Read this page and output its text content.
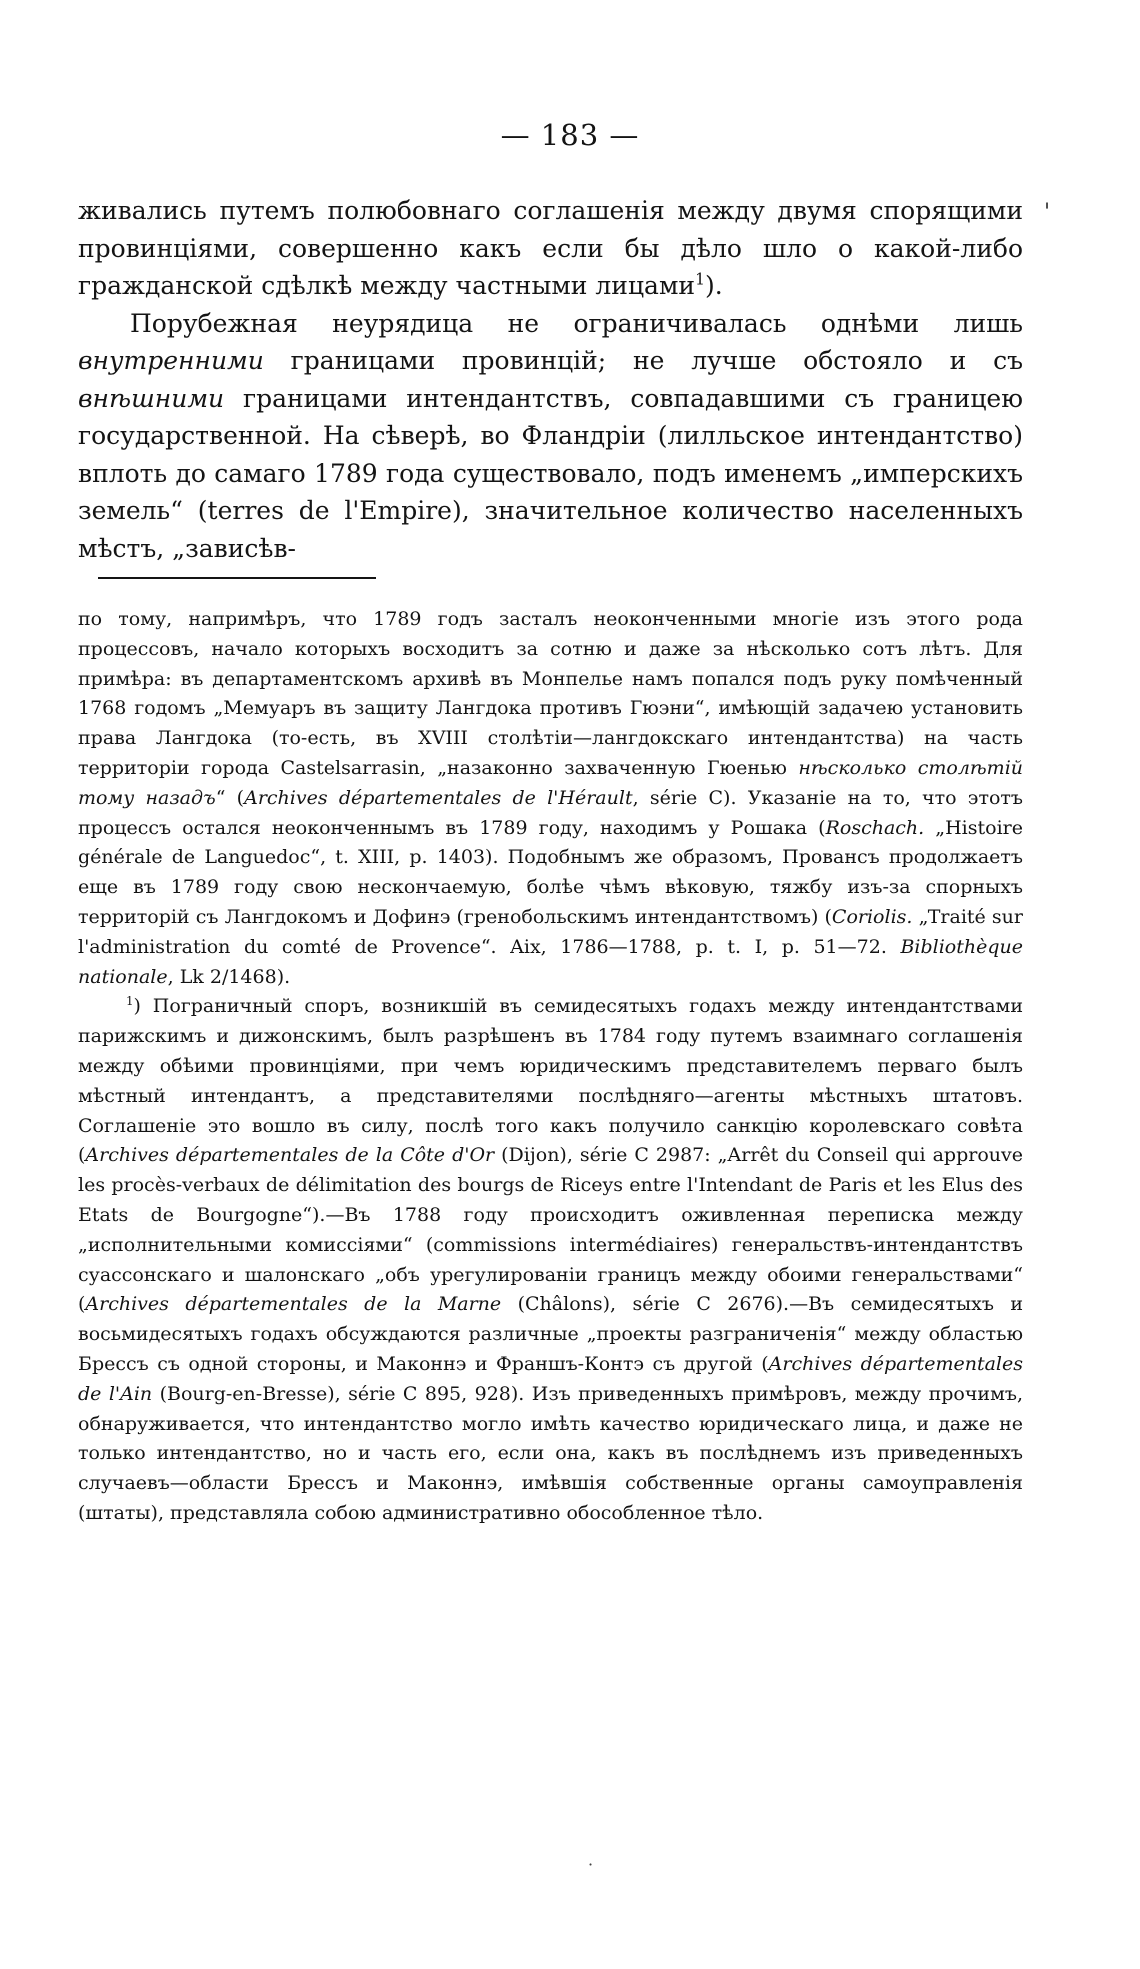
— 183 —

живались путемъ полюбовнаго соглашенія между двумя спорящими провинціями, совершенно какъ если бы дѣло шло о какой-либо гражданской сдѣлкѣ между частными лицами$^1$).

Порубежная неурядица не ограничивалась однѣми лишь внутренними границами провинцій; не лучше обстояло и съ внѣшними границами интендантствъ, совпадавшими съ границею государственной. На сѣверѣ, во Фландріи (лилльское интендантство) вплоть до самаго 1789 года существовало, подъ именемъ „имперскихъ земель“ (terres de l'Empire), значительное количество населенныхъ мѣстъ, „зависѣв-

по тому, напримѣръ, что 1789 годъ засталъ неоконченными многіе изъ этого рода процессовъ, начало которыхъ восходитъ за сотню и даже за нѣсколько сотъ лѣтъ. Для примѣра: въ департаментскомъ архивѣ въ Монпелье намъ попался подъ руку помѣченный 1768 годомъ „Мемуаръ въ защиту Лангдока противъ Гюэни“, имѣющій задачею установить права Лангдока (то-есть, въ XVIII столѣтіи—лангдокскаго интендантства) на часть территоріи города Castelsarrasin, „назаконно захваченную Гюенью нѣсколько столѣтій тому назадъ“ (Archives départementales de l'Hérault, série C). Указаніе на то, что этотъ процессъ остался неоконченнымъ въ 1789 году, находимъ у Рошака (Roschach. „Histoire générale de Languedoc“, t. XIII, p. 1403). Подобнымъ же образомъ, Провансъ продолжаетъ еще въ 1789 году свою нескончаемую, болѣе чѣмъ вѣковую, тяжбу изъ-за спорныхъ территорій съ Лангдокомъ и Дофинэ (гренобольскимъ интендантствомъ) (Coriolis. „Traité sur l'administration du comté de Provence“. Aix, 1786—1788, p. t. I, p. 51—72. Bibliothèque nationale, Lk 2/1468).

$^1$) Пограничный споръ, возникшій въ семидесятыхъ годахъ между интендантствами парижскимъ и дижонскимъ, былъ разрѣшенъ въ 1784 году путемъ взаимнаго соглашенія между обѣими провинціями, при чемъ юридическимъ представителемъ перваго былъ мѣстный интендантъ, а представителями послѣдняго—агенты мѣстныхъ штатовъ. Соглашеніе это вошло въ силу, послѣ того какъ получило санкцію королевскаго совѣта (Archives départementales de la Côte d'Or (Dijon), série C 2987: „Arrêt du Conseil qui approuve les procès-verbaux de délimitation des bourgs de Riceys entre l'Intendant de Paris et les Elus des Etats de Bourgogne“).—Въ 1788 году происходитъ оживленная переписка между „исполнительными комиссіями“ (commissions intermédiaires) генеральствъ-интендантствъ суассонскаго и шалонскаго „объ урегулированіи границъ между обоими генеральствами“ (Archives départementales de la Marne (Châlons), série C 2676).—Въ семидесятыхъ и восьмидесятыхъ годахъ обсуждаются различные „проекты разграниченія“ между областью Брессъ съ одной стороны, и Маконнэ и Франшъ-Контэ съ другой (Archives départementales de l'Ain (Bourg-en-Bresse), série C 895, 928). Изъ приведенныхъ примѣровъ, между прочимъ, обнаруживается, что интендантство могло имѣть качество юридическаго лица, и даже не только интендантство, но и часть его, если она, какъ въ послѣднемъ изъ приведенныхъ случаевъ—области Брессъ и Маконнэ, имѣвшія собственные органы самоуправленія (штаты), представляла собою административно обособленное тѣло.

'
·
